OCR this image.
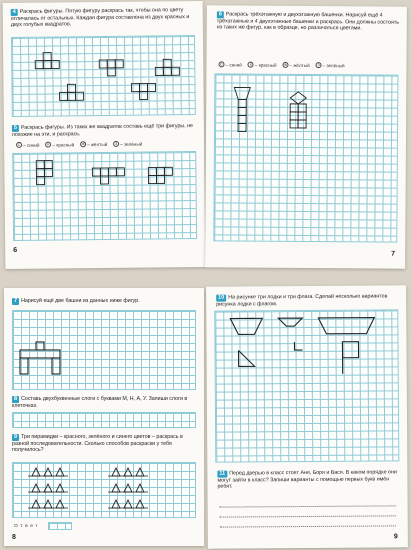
4 Раскрась фигуры. Пятую фигуру раскрась так, чтобы она по цвету отличалась от остальных. Каждая фигура составлена из двух красных и двух голубых квадратов.
5 Раскрась фигуры. Из таких же квадратов составь ещё три фигуры, не похожие на эти, и раскрась.
С – синий	К – красный	Ж – жёлтый	З – зелёный
6
6 Раскрась трёхэтажную и двухэтажную башенки. Нарисуй ещё 4 трёхэтажные и 4 двухэтажные башенки и раскрась. Они должны состоять из таких же фигур, как в образце, но различаться цветами.
С – синий	К – красный	Ж – жёлтый	З – зелёный
7
7 Нарисуй ещё две башни из данных ниже фигур.
8 Составь двухбуквенные слоги с буквами М, Н, А, У. Запиши слоги в клеточках.
9 Три пирамидки – красного, зелёного и синего цветов – раскрась в разной последовательности. Сколько способов раскраски у тебя получилось?
Ответ
8
10 На рисунке три лодки и три флага. Сделай несколько вариантов рисунка лодки с флагом.
11 Перед дверью в класс стоят Аня, Боря и Вася. В каком порядке они могут зайти в класс? Запиши варианты с помощью первых букв имён ребят.
9
